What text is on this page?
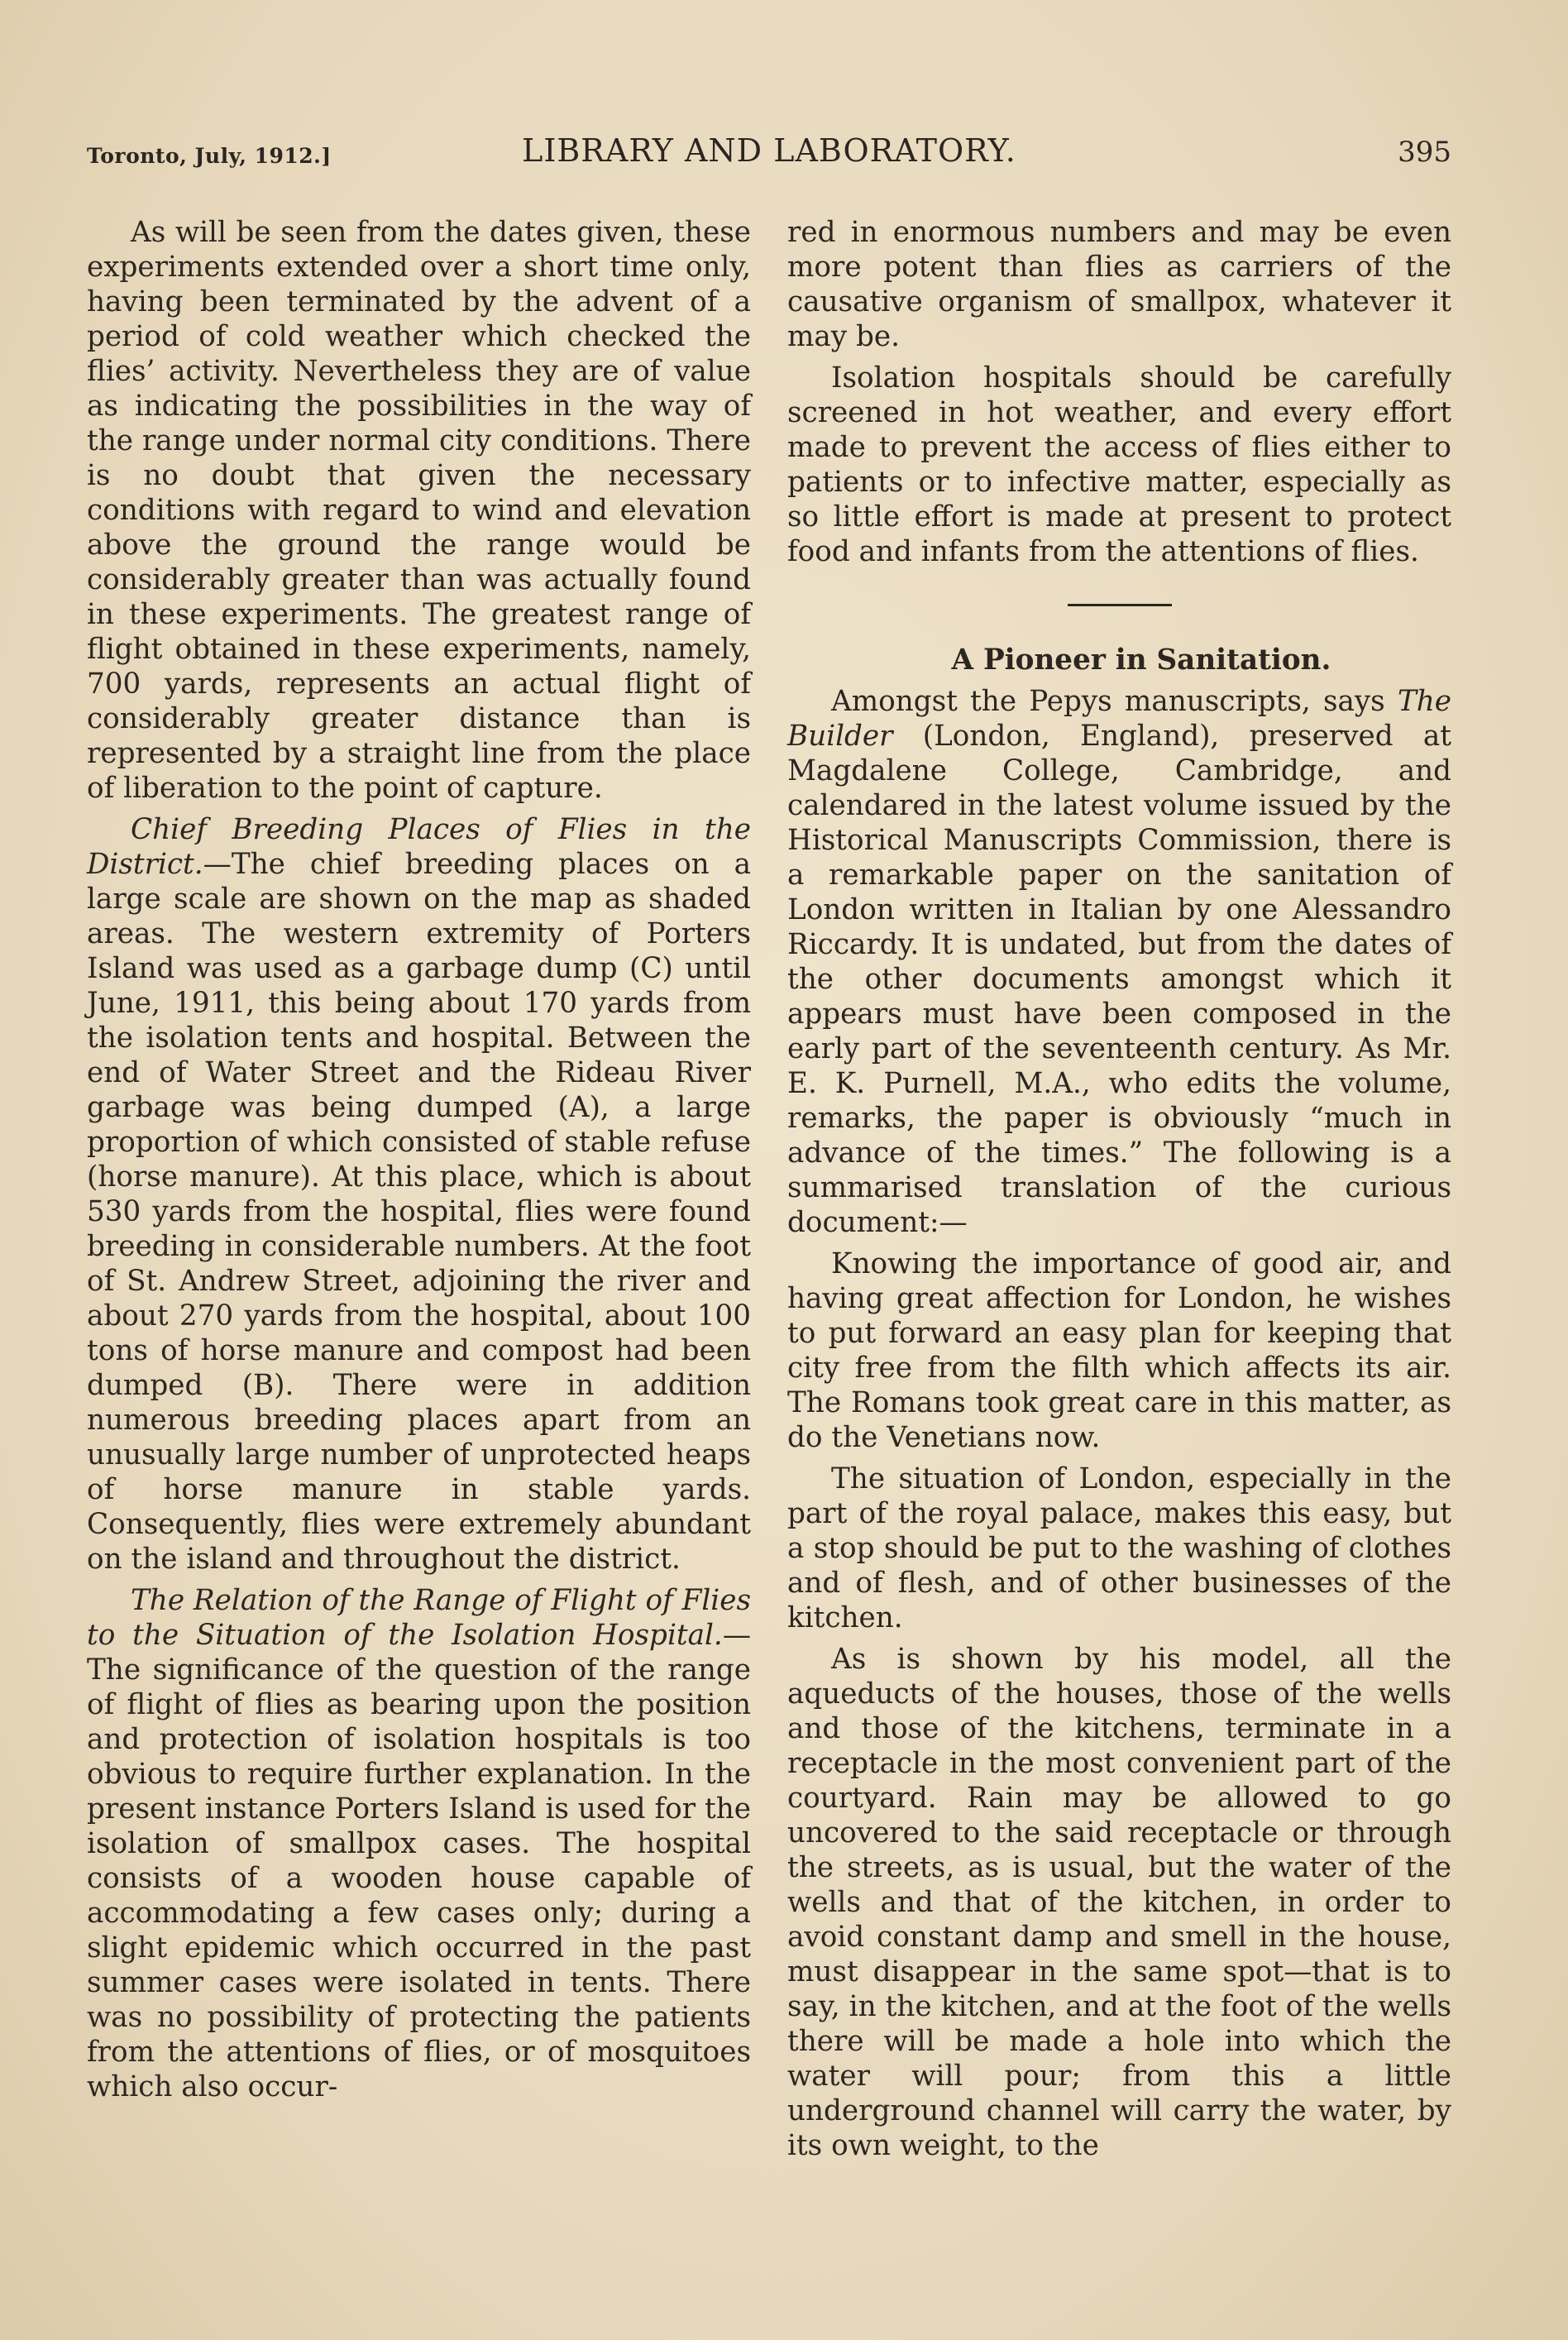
Toronto, July, 1912.]	LIBRARY AND LABORATORY.	395

As will be seen from the dates given, these experiments extended over a short time only, having been terminated by the advent of a period of cold weather which checked the flies’ activity. Nevertheless they are of value as indicating the possibilities in the way of the range under normal city conditions. There is no doubt that given the necessary conditions with regard to wind and elevation above the ground the range would be considerably greater than was actually found in these experiments. The greatest range of flight obtained in these experiments, namely, 700 yards, represents an actual flight of considerably greater distance than is represented by a straight line from the place of liberation to the point of capture.

Chief Breeding Places of Flies in the District.—The chief breeding places on a large scale are shown on the map as shaded areas. The western extremity of Porters Island was used as a garbage dump (C) until June, 1911, this being about 170 yards from the isolation tents and hospital. Between the end of Water Street and the Rideau River garbage was being dumped (A), a large proportion of which consisted of stable refuse (horse manure). At this place, which is about 530 yards from the hospital, flies were found breeding in considerable numbers. At the foot of St. Andrew Street, adjoining the river and about 270 yards from the hospital, about 100 tons of horse manure and compost had been dumped (B). There were in addition numerous breeding places apart from an unusually large number of unprotected heaps of horse manure in stable yards. Consequently, flies were extremely abundant on the island and throughout the district.

The Relation of the Range of Flight of Flies to the Situation of the Isolation Hospital.—The significance of the question of the range of flight of flies as bearing upon the position and protection of isolation hospitals is too obvious to require further explanation. In the present instance Porters Island is used for the isolation of smallpox cases. The hospital consists of a wooden house capable of accommodating a few cases only; during a slight epidemic which occurred in the past summer cases were isolated in tents. There was no possibility of protecting the patients from the attentions of flies, or of mosquitoes which also occur-

red in enormous numbers and may be even more potent than flies as carriers of the causative organism of smallpox, whatever it may be.

Isolation hospitals should be carefully screened in hot weather, and every effort made to prevent the access of flies either to patients or to infective matter, especially as so little effort is made at present to protect food and infants from the attentions of flies.

A Pioneer in Sanitation.

Amongst the Pepys manuscripts, says The Builder (London, England), preserved at Magdalene College, Cambridge, and calendared in the latest volume issued by the Historical Manuscripts Commission, there is a remarkable paper on the sanitation of London written in Italian by one Alessandro Riccardy. It is undated, but from the dates of the other documents amongst which it appears must have been composed in the early part of the seventeenth century. As Mr. E. K. Purnell, M.A., who edits the volume, remarks, the paper is obviously “much in advance of the times.” The following is a summarised translation of the curious document:—

Knowing the importance of good air, and having great affection for London, he wishes to put forward an easy plan for keeping that city free from the filth which affects its air. The Romans took great care in this matter, as do the Venetians now.

The situation of London, especially in the part of the royal palace, makes this easy, but a stop should be put to the washing of clothes and of flesh, and of other businesses of the kitchen.

As is shown by his model, all the aqueducts of the houses, those of the wells and those of the kitchens, terminate in a receptacle in the most convenient part of the courtyard. Rain may be allowed to go uncovered to the said receptacle or through the streets, as is usual, but the water of the wells and that of the kitchen, in order to avoid constant damp and smell in the house, must disappear in the same spot—that is to say, in the kitchen, and at the foot of the wells there will be made a hole into which the water will pour; from this a little underground channel will carry the water, by its own weight, to the
